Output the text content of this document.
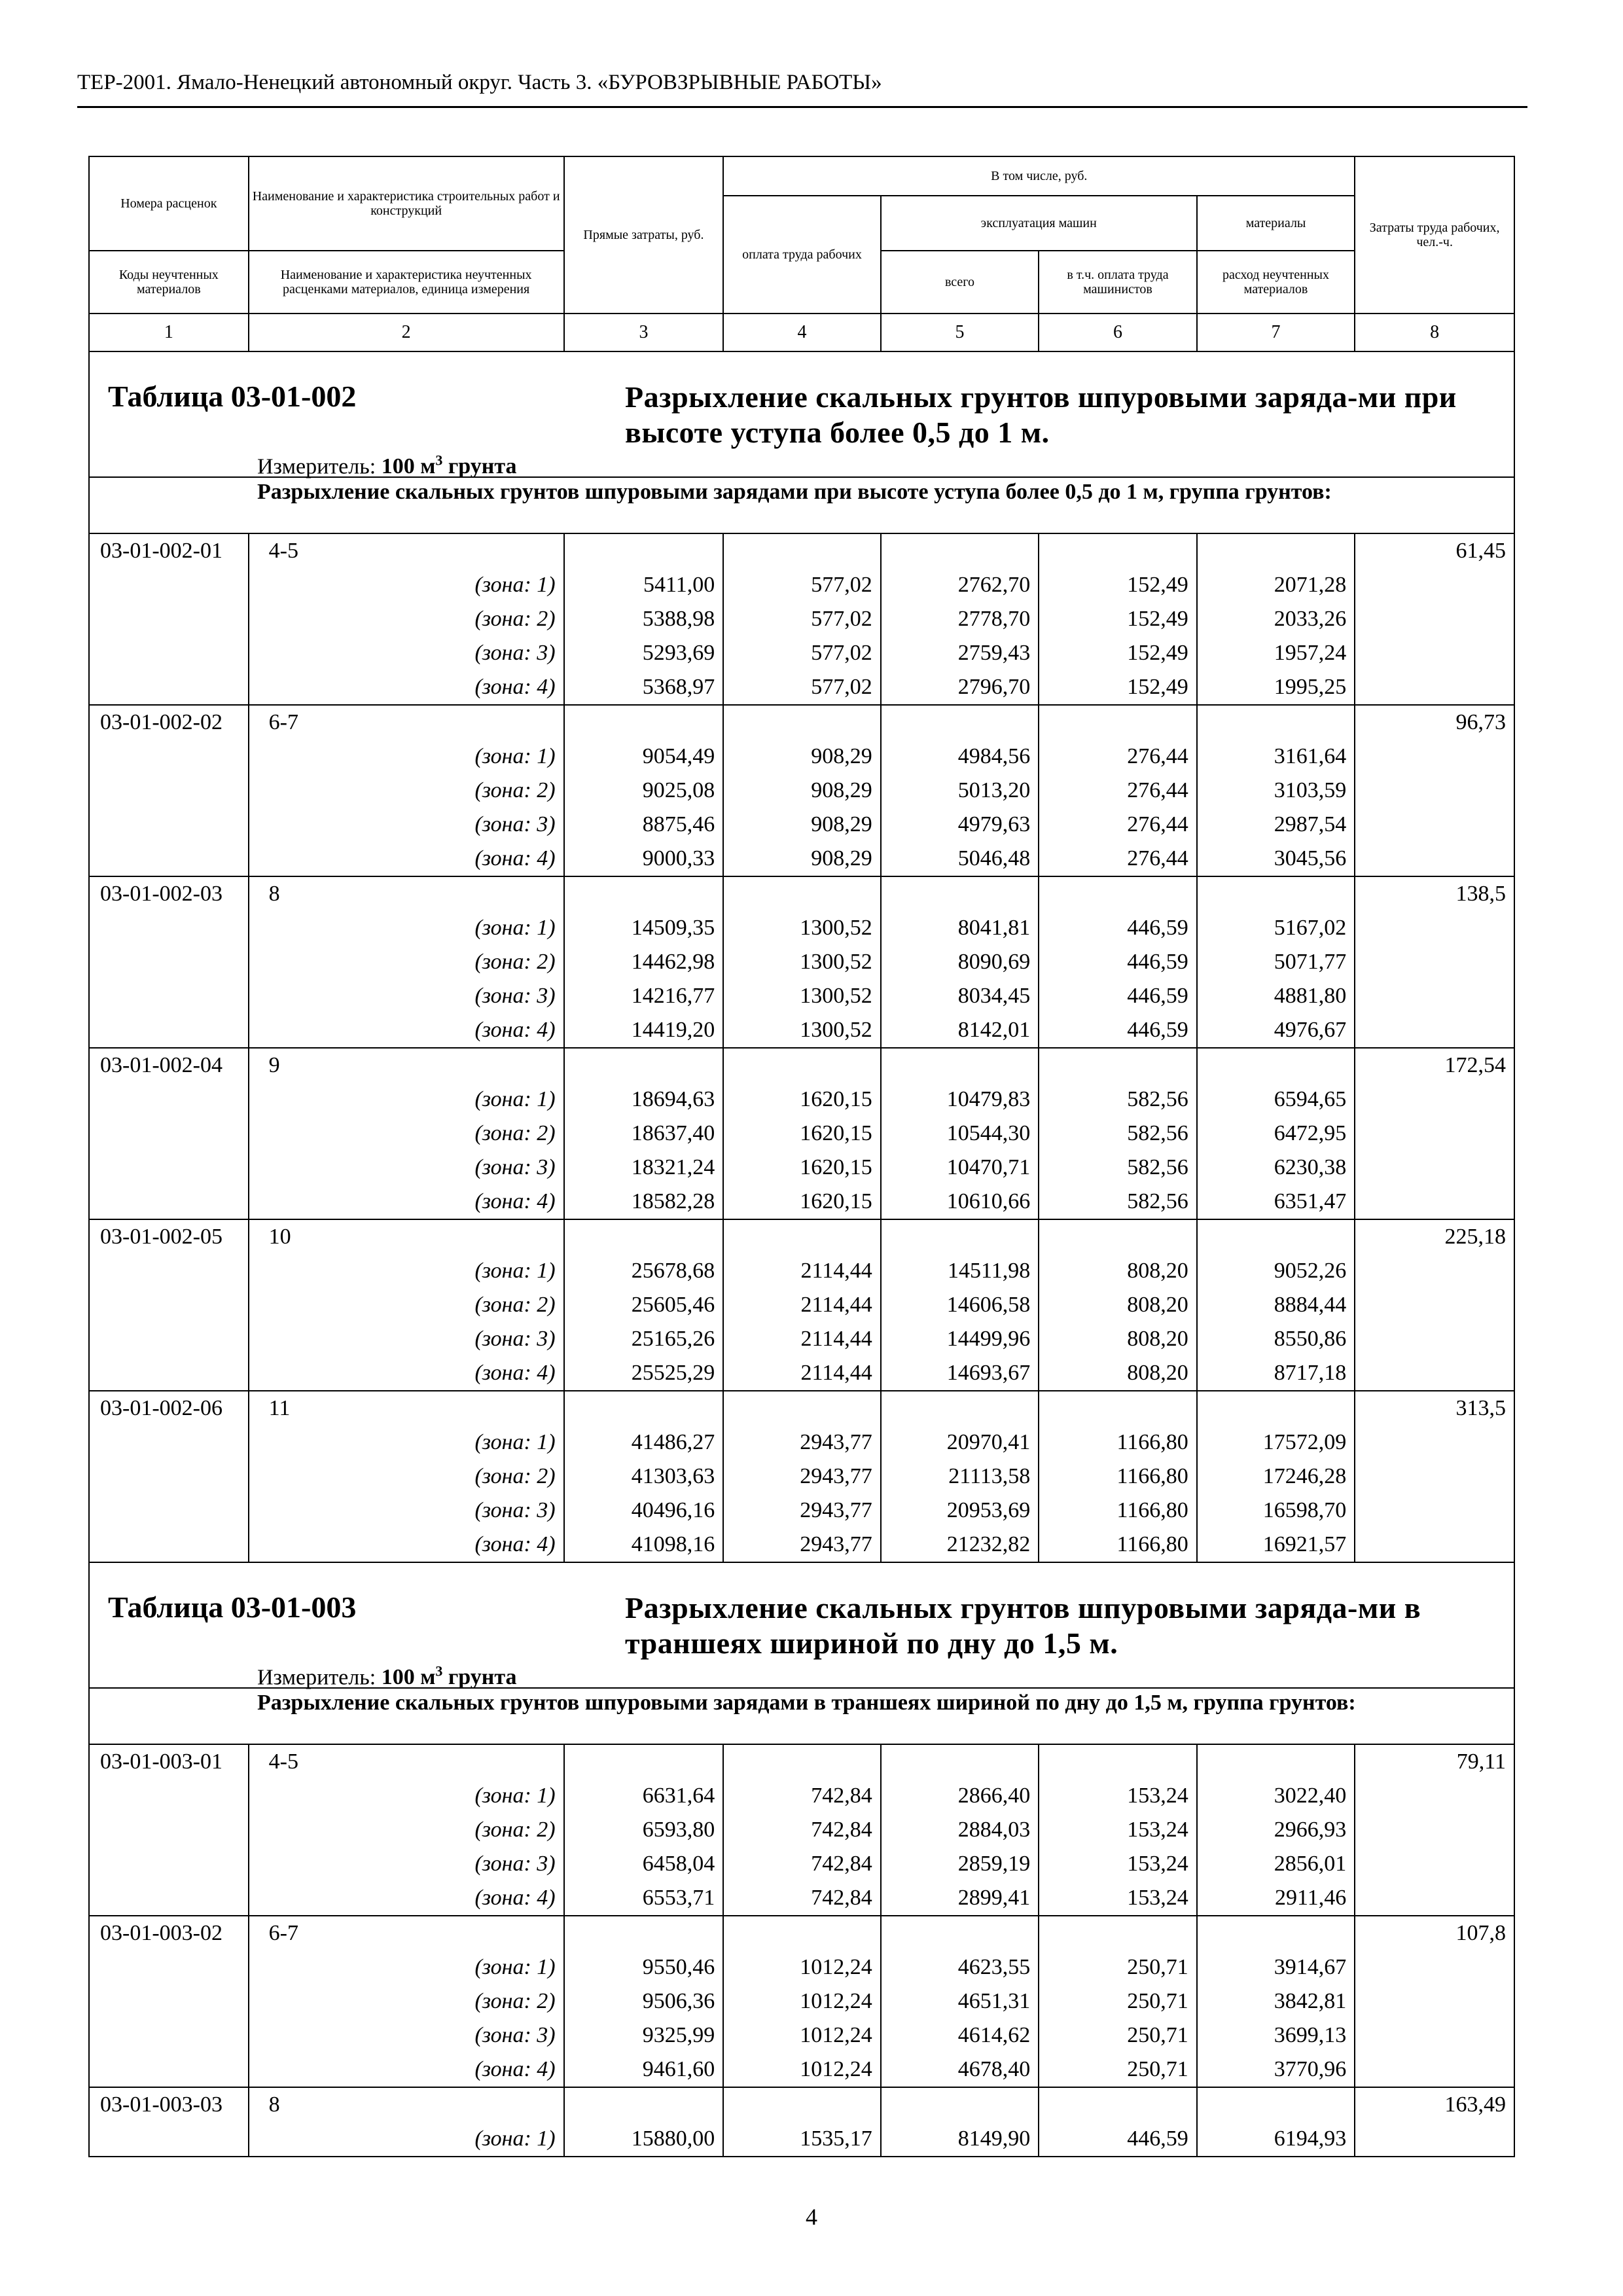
ТЕР-2001. Ямало-Ненецкий автономный округ. Часть 3. «БУРОВЗРЫВНЫЕ РАБОТЫ»
Номера расценок	Наименование и характеристика строительных работ и конструкций	Прямые затраты, руб.	В том числе, руб.				Затраты труда рабочих, чел.-ч.
			оплата труда рабочих	эксплуатация машин		материалы	
Коды неучтенных материалов	Наименование и характеристика неучтенных расценками материалов, единица измерения			всего	в т.ч. оплата труда машинистов	расход неучтенных материалов	
1	2	3	4	5	6	7	8

Таблица 03-01-002 Разрыхление скальных грунтов шпуровыми заряда-ми при высоте уступа более 0,5 до 1 м.
Измеритель: 100 $м^3$ грунта							

Разрыхление скальных грунтов шпуровыми зарядами при высоте уступа более 0,5 до 1 м, группа грунтов:							
03-01-002-01	4-5						61,45
	(зона: 1)	5411,00	577,02	2762,70	152,49	2071,28	
	(зона: 2)	5388,98	577,02	2778,70	152,49	2033,26	
	(зона: 3)	5293,69	577,02	2759,43	152,49	1957,24	
	(зона: 4)	5368,97	577,02	2796,70	152,49	1995,25	
03-01-002-02	6-7						96,73
	(зона: 1)	9054,49	908,29	4984,56	276,44	3161,64	
	(зона: 2)	9025,08	908,29	5013,20	276,44	3103,59	
	(зона: 3)	8875,46	908,29	4979,63	276,44	2987,54	
	(зона: 4)	9000,33	908,29	5046,48	276,44	3045,56	
03-01-002-03	8						138,5
	(зона: 1)	14509,35	1300,52	8041,81	446,59	5167,02	
	(зона: 2)	14462,98	1300,52	8090,69	446,59	5071,77	
	(зона: 3)	14216,77	1300,52	8034,45	446,59	4881,80	
	(зона: 4)	14419,20	1300,52	8142,01	446,59	4976,67	
03-01-002-04	9						172,54
	(зона: 1)	18694,63	1620,15	10479,83	582,56	6594,65	
	(зона: 2)	18637,40	1620,15	10544,30	582,56	6472,95	
	(зона: 3)	18321,24	1620,15	10470,71	582,56	6230,38	
	(зона: 4)	18582,28	1620,15	10610,66	582,56	6351,47	
03-01-002-05	10						225,18
	(зона: 1)	25678,68	2114,44	14511,98	808,20	9052,26	
	(зона: 2)	25605,46	2114,44	14606,58	808,20	8884,44	
	(зона: 3)	25165,26	2114,44	14499,96	808,20	8550,86	
	(зона: 4)	25525,29	2114,44	14693,67	808,20	8717,18	
03-01-002-06	11						313,5
	(зона: 1)	41486,27	2943,77	20970,41	1166,80	17572,09	
	(зона: 2)	41303,63	2943,77	21113,58	1166,80	17246,28	
	(зона: 3)	40496,16	2943,77	20953,69	1166,80	16598,70	
	(зона: 4)	41098,16	2943,77	21232,82	1166,80	16921,57	

Таблица 03-01-003 Разрыхление скальных грунтов шпуровыми заряда-ми в траншеях шириной по дну до 1,5 м.
Измеритель: 100 $м^3$ грунта							

Разрыхление скальных грунтов шпуровыми зарядами в траншеях шириной по дну до 1,5 м, группа грунтов:							
03-01-003-01	4-5						79,11
	(зона: 1)	6631,64	742,84	2866,40	153,24	3022,40	
	(зона: 2)	6593,80	742,84	2884,03	153,24	2966,93	
	(зона: 3)	6458,04	742,84	2859,19	153,24	2856,01	
	(зона: 4)	6553,71	742,84	2899,41	153,24	2911,46	
03-01-003-02	6-7						107,8
	(зона: 1)	9550,46	1012,24	4623,55	250,71	3914,67	
	(зона: 2)	9506,36	1012,24	4651,31	250,71	3842,81	
	(зона: 3)	9325,99	1012,24	4614,62	250,71	3699,13	
	(зона: 4)	9461,60	1012,24	4678,40	250,71	3770,96	
03-01-003-03	8						163,49
	(зона: 1)	15880,00	1535,17	8149,90	446,59	6194,93	
4
